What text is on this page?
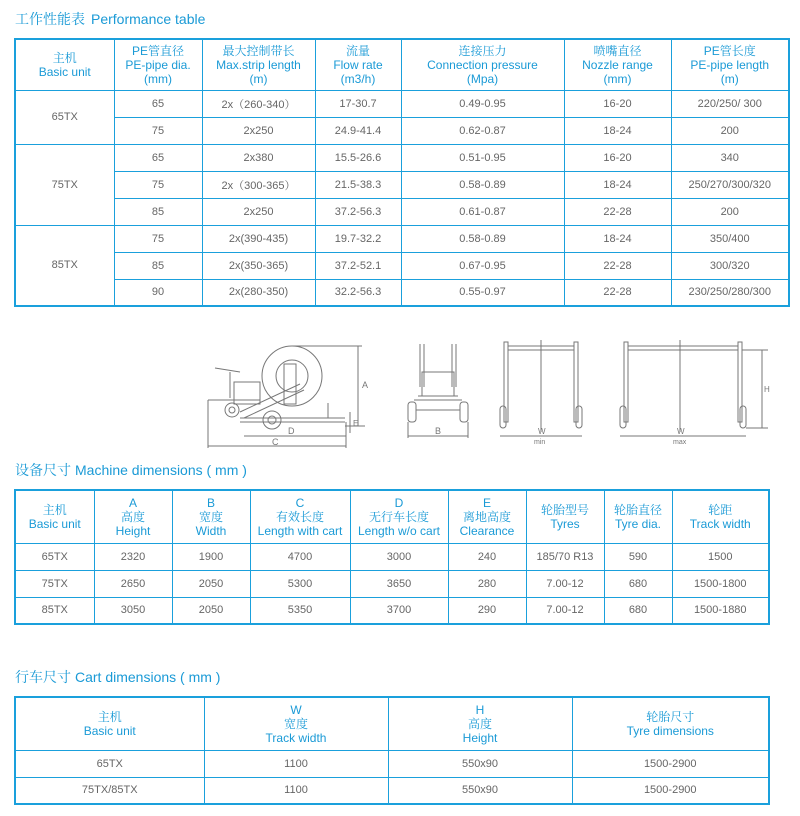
工作性能表 Performance table
主机
Basic unit

PE管直径
PE-pipe dia.
(mm)

最大控制带长
Max.strip length
(m)

流量
Flow rate
(m3/h)

连接压力
Connection pressure
(Mpa)

喷嘴直径
Nozzle range
(mm)

PE管长度
PE-pipe length
(m)

65TX	65	2x（260-340）	17-30.7	0.49-0.95	16-20	220/250/ 300
	75	2x250	24.9-41.4	0.62-0.87	18-24	200
75TX	65	2x380	15.5-26.6	0.51-0.95	16-20	340
	75	2x（300-365）	21.5-38.3	0.58-0.89	18-24	250/270/300/320
	85	2x250	37.2-56.3	0.61-0.87	22-28	200
85TX	75	2x(390-435)	19.7-32.2	0.58-0.89	18-24	350/400
	85	2x(350-365)	37.2-52.1	0.67-0.95	22-28	300/320
	90	2x(280-350)	32.2-56.3	0.55-0.97	22-28	230/250/280/300
A
E
D
C
B	W
min
W
max
H
设备尺寸 Machine dimensions ( mm )
主机
Basic unit

A
高度
Height

B
宽度
Width

C
有效长度
Length with cart

D
无行车长度
Length w/o cart

E
离地高度
Clearance

轮胎型号
Tyres

轮胎直径
Tyre dia.

轮距
Track width

65TX	2320	1900	4700	3000	240	185/70 R13	590	1500
75TX	2650	2050	5300	3650	280	7.00-12	680	1500-1800
85TX	3050	2050	5350	3700	290	7.00-12	680	1500-1880
行车尺寸 Cart dimensions ( mm )
主机
Basic unit

W
宽度
Track width

H
高度
Height

轮胎尺寸
Tyre dimensions

65TX	1100	550x90	1500-2900
75TX/85TX	1100	550x90	1500-2900
